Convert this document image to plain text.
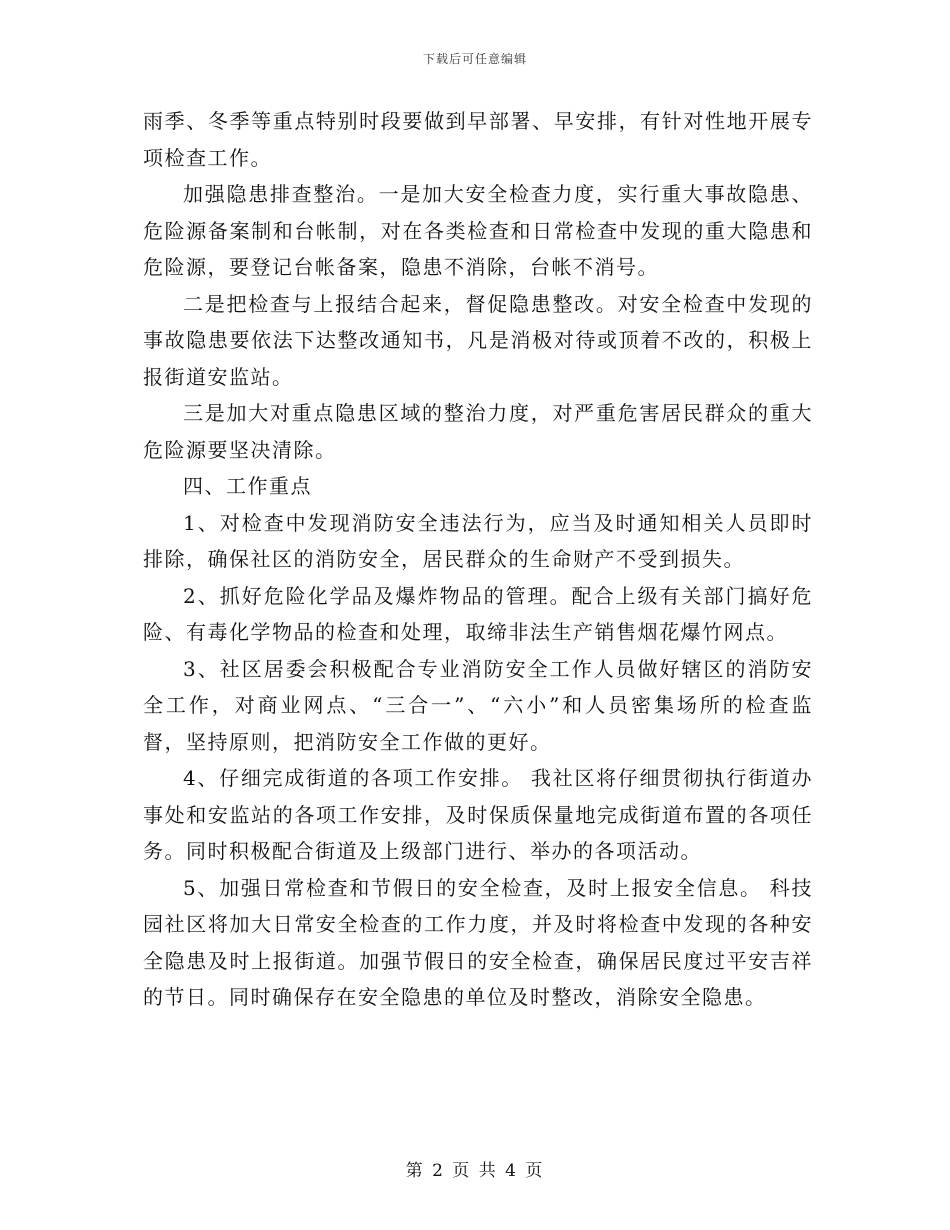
下载后可任意编辑

雨季、冬季等重点特别时段要做到早部署、早安排，有针对性地开展专项检查工作。

加强隐患排查整治。一是加大安全检查力度，实行重大事故隐患、危险源备案制和台帐制，对在各类检查和日常检查中发现的重大隐患和危险源，要登记台帐备案，隐患不消除，台帐不消号。

二是把检查与上报结合起来，督促隐患整改。对安全检查中发现的事故隐患要依法下达整改通知书，凡是消极对待或顶着不改的，积极上报街道安监站。

三是加大对重点隐患区域的整治力度，对严重危害居民群众的重大危险源要坚决清除。

四、工作重点

1、对检查中发现消防安全违法行为，应当及时通知相关人员即时排除，确保社区的消防安全，居民群众的生命财产不受到损失。

2、抓好危险化学品及爆炸物品的管理。配合上级有关部门搞好危险、有毒化学物品的检查和处理，取缔非法生产销售烟花爆竹网点。

3、社区居委会积极配合专业消防安全工作人员做好辖区的消防安全工作，对商业网点、“三合一”、“六小”和人员密集场所的检查监督，坚持原则，把消防安全工作做的更好。

4、仔细完成街道的各项工作安排。 我社区将仔细贯彻执行街道办事处和安监站的各项工作安排，及时保质保量地完成街道布置的各项任务。同时积极配合街道及上级部门进行、举办的各项活动。

5、加强日常检查和节假日的安全检查，及时上报安全信息。 科技园社区将加大日常安全检查的工作力度，并及时将检查中发现的各种安全隐患及时上报街道。加强节假日的安全检查，确保居民度过平安吉祥的节日。同时确保存在安全隐患的单位及时整改，消除安全隐患。

第 2 页 共 4 页
